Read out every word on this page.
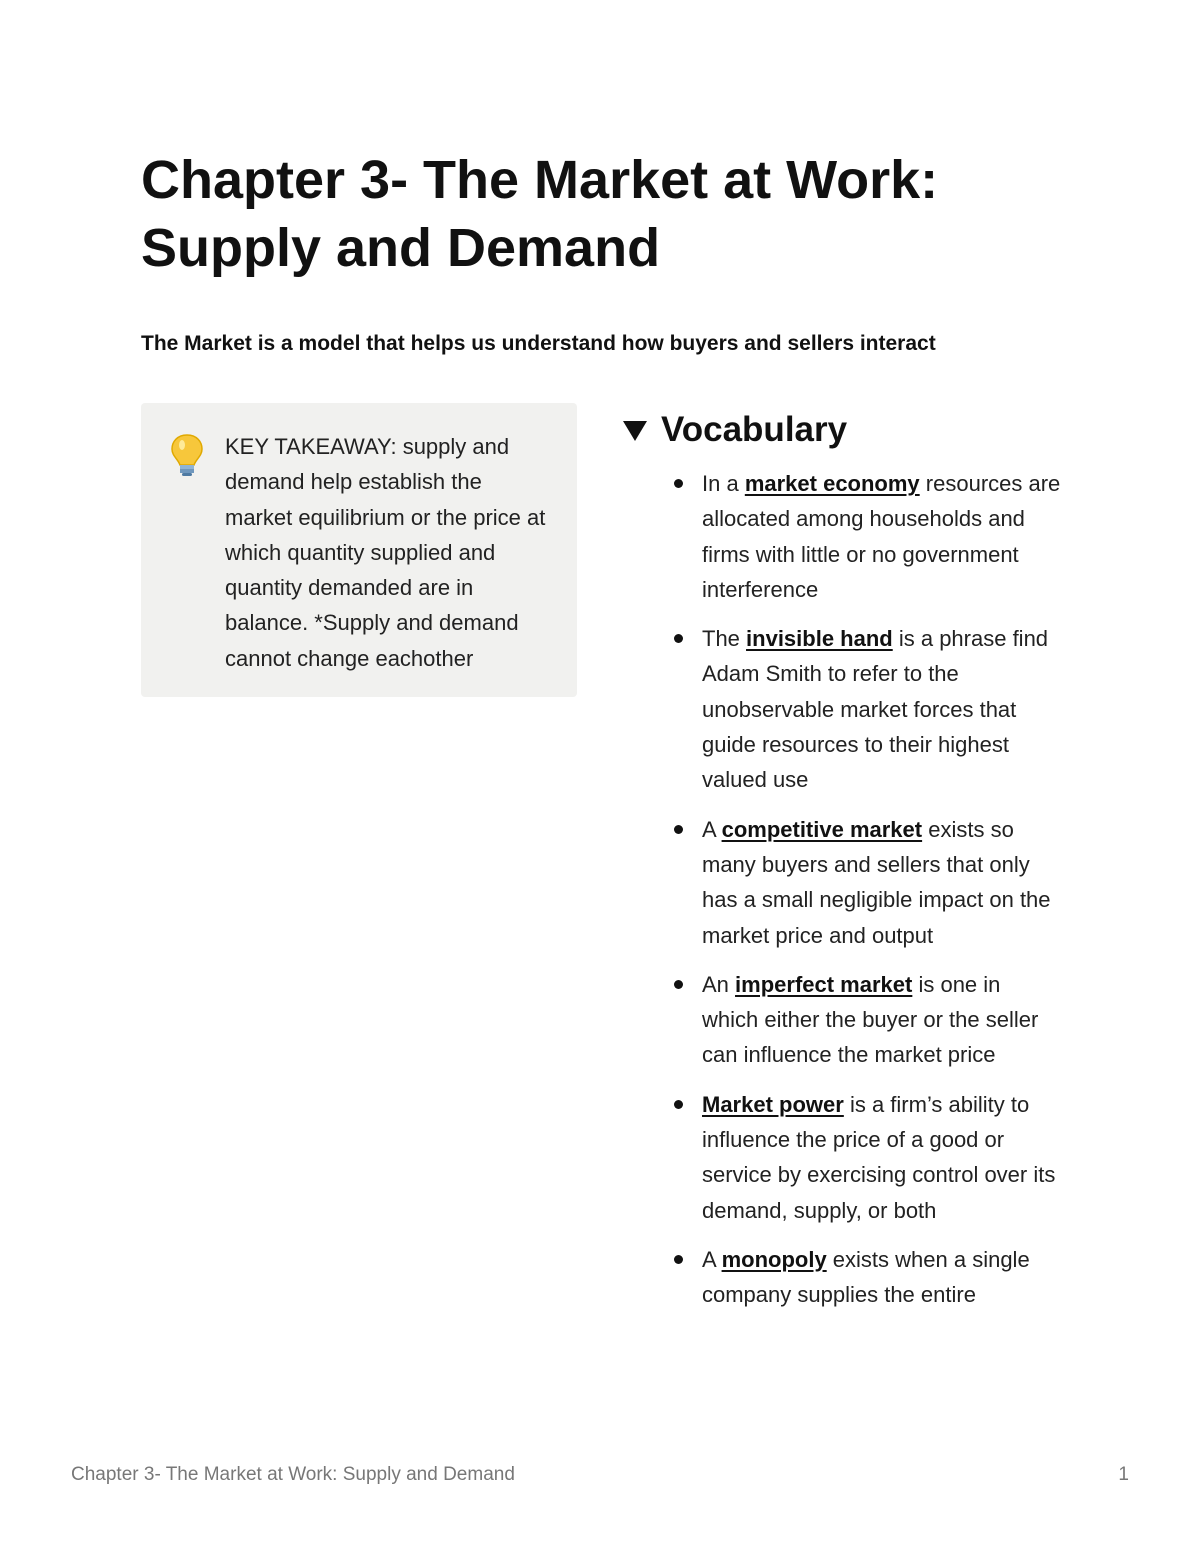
Chapter 3- The Market at Work: Supply and Demand
The Market is a model that helps us understand how buyers and sellers interact
KEY TAKEAWAY: supply and demand help establish the market equilibrium or the price at which quantity supplied and quantity demanded are in balance. *Supply and demand cannot change eachother
Vocabulary
In a market economy resources are allocated among households and firms with little or no government interference
The invisible hand is a phrase find Adam Smith to refer to the unobservable market forces that guide resources to their highest valued use
A competitive market exists so many buyers and sellers that only has a small negligible impact on the market price and output
An imperfect market is one in which either the buyer or the seller can influence the market price
Market power is a firm’s ability to influence the price of a good or service by exercising control over its demand, supply, or both
A monopoly exists when a single company supplies the entire
Chapter 3- The Market at Work: Supply and Demand	1
